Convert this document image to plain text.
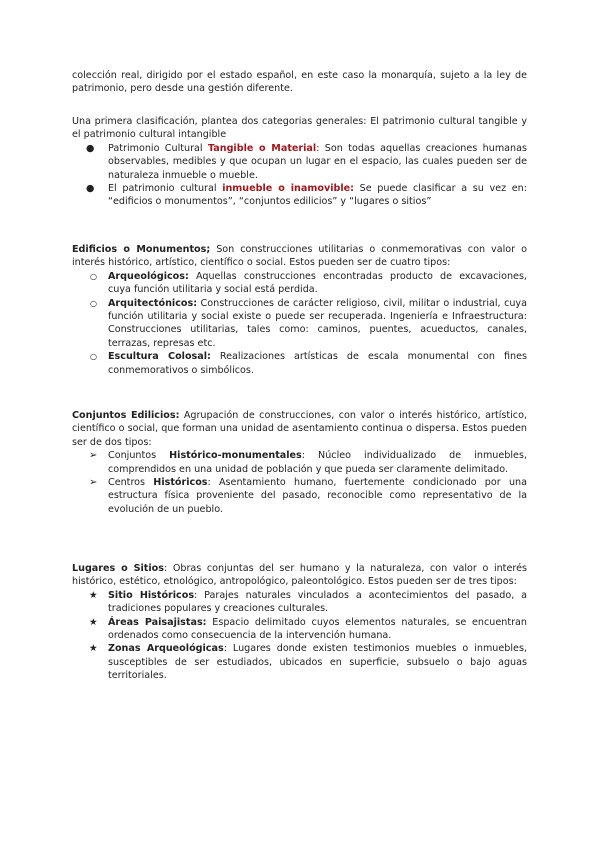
colección real, dirigido por el estado español, en este caso la monarquía, sujeto a la ley de patrimonio, pero desde una gestión diferente.

Una primera clasificación, plantea dos categorias generales: El patrimonio cultural tangible y el patrimonio cultural intangible

● Patrimonio Cultural Tangible o Material: Son todas aquellas creaciones humanas observables, medibles y que ocupan un lugar en el espacio, las cuales pueden ser de naturaleza inmueble o mueble.
● El patrimonio cultural inmueble o inamovible: Se puede clasificar a su vez en: “edificios o monumentos”, “conjuntos edilicios” y “lugares o sitios”

Edificios o Monumentos; Son construcciones utilitarias o conmemorativas con valor o interés histórico, artístico, científico o social. Estos pueden ser de cuatro tipos:

○ Arqueológicos: Aquellas construcciones encontradas producto de excavaciones, cuya función utilitaria y social está perdida.
○ Arquitectónicos: Construcciones de carácter religioso, civil, militar o industrial, cuya función utilitaria y social existe o puede ser recuperada. Ingeniería e Infraestructura: Construcciones utilitarias, tales como: caminos, puentes, acueductos, canales, terrazas, represas etc.
○ Escultura Colosal: Realizaciones artísticas de escala monumental con fines conmemorativos o simbólicos.

Conjuntos Edilicios: Agrupación de construcciones, con valor o interés histórico, artístico, científico o social, que forman una unidad de asentamiento continua o dispersa. Estos pueden ser de dos tipos:

➢ Conjuntos Histórico-monumentales: Núcleo individualizado de inmuebles, comprendidos en una unidad de población y que pueda ser claramente delimitado.
➢ Centros Históricos: Asentamiento humano, fuertemente condicionado por una estructura física proveniente del pasado, reconocible como representativo de la evolución de un pueblo.

Lugares o Sitios: Obras conjuntas del ser humano y la naturaleza, con valor o interés histórico, estético, etnológico, antropológico, paleontológico. Estos pueden ser de tres tipos:

★ Sitio Históricos: Parajes naturales vinculados a acontecimientos del pasado, a tradiciones populares y creaciones culturales.
★ Áreas Paisajistas: Espacio delimitado cuyos elementos naturales, se encuentran ordenados como consecuencia de la intervención humana.
★ Zonas Arqueológicas: Lugares donde existen testimonios muebles o inmuebles, susceptibles de ser estudiados, ubicados en superficie, subsuelo o bajo aguas territoriales.
